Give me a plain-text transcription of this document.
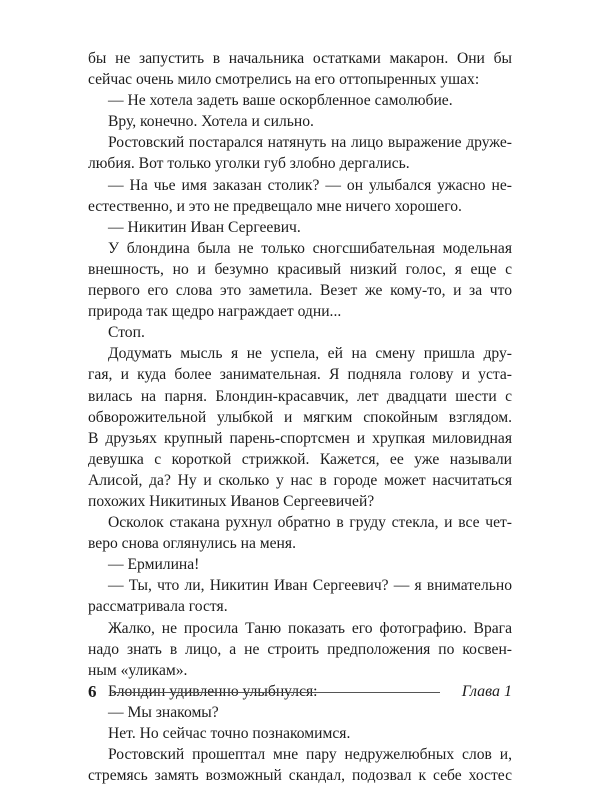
бы не запустить в начальника остатками макарон. Они бы
сейчас очень мило смотрелись на его оттопыренных ушах:

— Не хотела задеть ваше оскорбленное самолюбие.

Вру, конечно. Хотела и сильно.

Ростовский постарался натянуть на лицо выражение друже-
любия. Вот только уголки губ злобно дергались.

— На чье имя заказан столик? — он улыбался ужасно не-
естественно, и это не предвещало мне ничего хорошего.

— Никитин Иван Сергеевич.

У блондина была не только сногсшибательная модельная
внешность, но и безумно красивый низкий голос, я еще с
первого его слова это заметила. Везет же кому-то, и за что
природа так щедро награждает одни...

Стоп.

Додумать мысль я не успела, ей на смену пришла дру-
гая, и куда более занимательная. Я подняла голову и уста-
вилась на парня. Блондин-красавчик, лет двадцати шести с
обворожительной улыбкой и мягким спокойным взглядом.
В друзьях крупный парень-спортсмен и хрупкая миловидная
девушка с короткой стрижкой. Кажется, ее уже называли
Алисой, да? Ну и сколько у нас в городе может насчитаться
похожих Никитиных Иванов Сергеевичей?

Осколок стакана рухнул обратно в груду стекла, и все чет-
веро снова оглянулись на меня.

— Ермилина!

— Ты, что ли, Никитин Иван Сергеевич? — я внимательно
рассматривала гостя.

Жалко, не просила Таню показать его фотографию. Врага
надо знать в лицо, а не строить предположения по косвен-
ным «уликам».

Блондин удивленно улыбнулся:

— Мы знакомы?

Нет. Но сейчас точно познакомимся.

Ростовский прошептал мне пару недружелюбных слов и,
стремясь замять возможный скандал, подозвал к себе хостес

6	Глава 1
